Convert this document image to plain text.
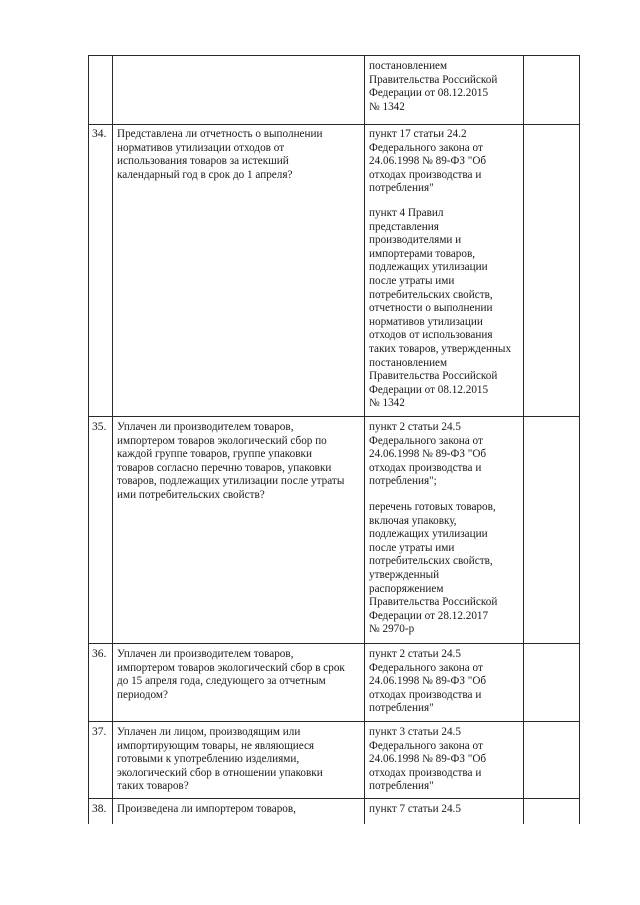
постановлением
Правительства Российской
Федерации от 08.12.2015
№ 1342
34. Представлена ли отчетность о выполнении
нормативов утилизации отходов от
использования товаров за истекший
календарный год в срок до 1 апреля?
пункт 17 статьи 24.2
Федерального закона от
24.06.1998 № 89-ФЗ "Об
отходах производства и
потребления"
пункт 4 Правил
представления
производителями и
импортерами товаров,
подлежащих утилизации
после утраты ими
потребительских свойств,
отчетности о выполнении
нормативов утилизации
отходов от использования
таких товаров, утвержденных
постановлением
Правительства Российской
Федерации от 08.12.2015
№ 1342
35. Уплачен ли производителем товаров,
импортером товаров экологический сбор по
каждой группе товаров, группе упаковки
товаров согласно перечню товаров, упаковки
товаров, подлежащих утилизации после утраты
ими потребительских свойств?
пункт 2 статьи 24.5
Федерального закона от
24.06.1998 № 89-ФЗ "Об
отходах производства и
потребления";
перечень готовых товаров,
включая упаковку,
подлежащих утилизации
после утраты ими
потребительских свойств,
утвержденный
распоряжением
Правительства Российской
Федерации от 28.12.2017
№ 2970-р
36. Уплачен ли производителем товаров,
импортером товаров экологический сбор в срок
до 15 апреля года, следующего за отчетным
периодом?
пункт 2 статьи 24.5
Федерального закона от
24.06.1998 № 89-ФЗ "Об
отходах производства и
потребления"
37. Уплачен ли лицом, производящим или
импортирующим товары, не являющиеся
готовыми к употреблению изделиями,
экологический сбор в отношении упаковки
таких товаров?
пункт 3 статьи 24.5
Федерального закона от
24.06.1998 № 89-ФЗ "Об
отходах производства и
потребления"
38. Произведена ли импортером товаров,	пункт 7 статьи 24.5
